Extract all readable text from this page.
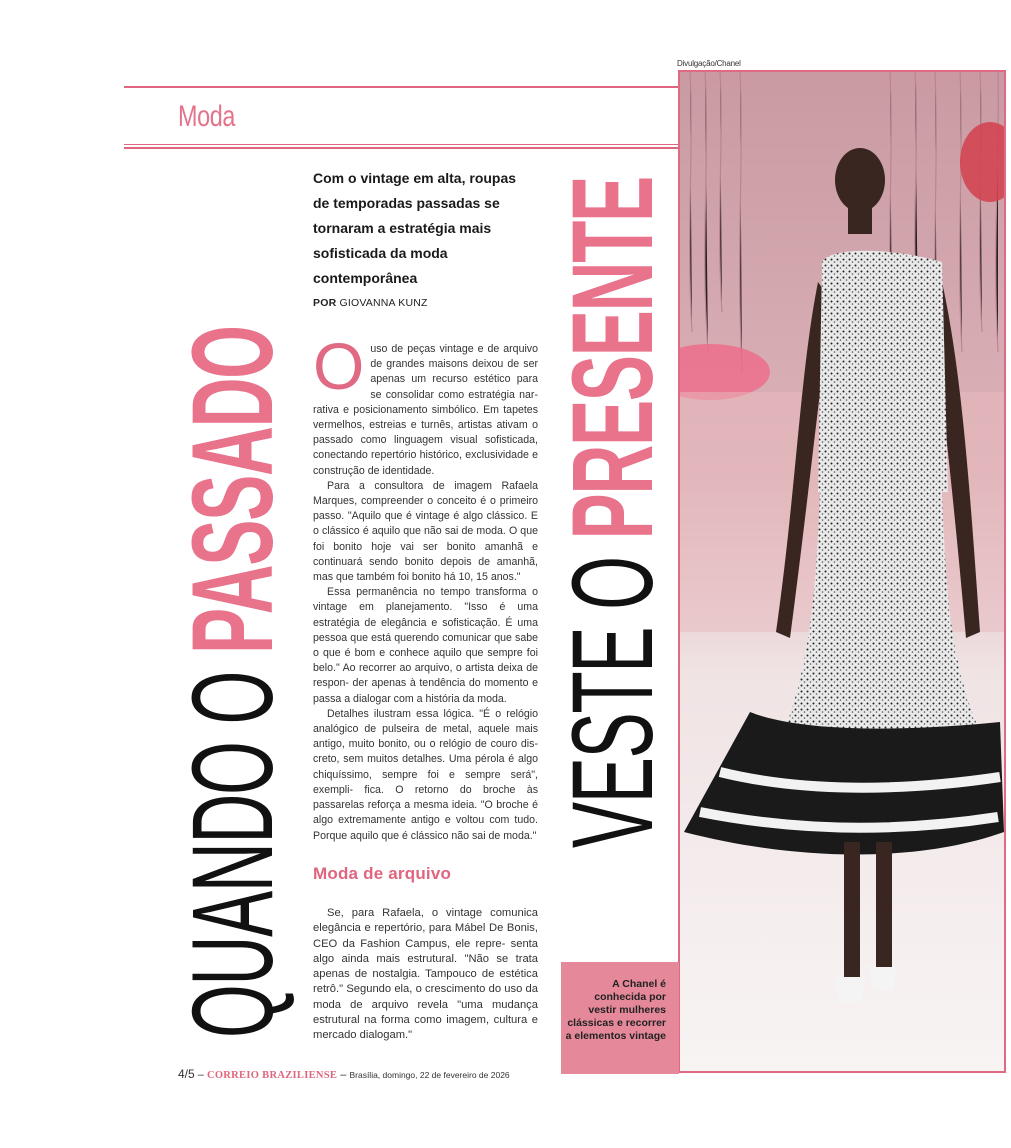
Divulgação/Chanel
Moda
QUANDO O PASSADO
VESTE O PRESENTE
Com o vintage em alta, roupas de temporadas passadas se tornaram a estratégia mais sofisticada da moda contemporânea
POR GIOVANNA KUNZ

Ouso de peças vintage e de arquivo de grandes maisons deixou de ser apenas um recurso estético para se consolidar como estratégia nar- rativa e posicionamento simbólico. Em tapetes vermelhos, estreias e turnês, artistas ativam o passado como linguagem visual sofisticada, conectando repertório histórico, exclusividade e construção de identidade.

Para a consultora de imagem Rafaela Marques, compreender o conceito é o primeiro passo. "Aquilo que é vintage é algo clássico. E o clássico é aquilo que não sai de moda. O que foi bonito hoje vai ser bonito amanhã e continuará sendo bonito depois de amanhã, mas que também foi bonito há 10, 15 anos."

Essa permanência no tempo transforma o vintage em planejamento. "Isso é uma estratégia de elegância e sofisticação. É uma pessoa que está querendo comunicar que sabe o que é bom e conhece aquilo que sempre foi belo." Ao recorrer ao arquivo, o artista deixa de respon- der apenas à tendência do momento e passa a dialogar com a história da moda.

Detalhes ilustram essa lógica. "É o relógio analógico de pulseira de metal, aquele mais antigo, muito bonito, ou o relógio de couro dis- creto, sem muitos detalhes. Uma pérola é algo chiquíssimo, sempre foi e sempre será", exempli- fica. O retorno do broche às passarelas reforça a mesma ideia. "O broche é algo extremamente antigo e voltou com tudo. Porque aquilo que é clássico não sai de moda."

Moda de arquivo

Se, para Rafaela, o vintage comunica elegância e repertório, para Mábel De Bonis, CEO da Fashion Campus, ele repre- senta algo ainda mais estrutural. "Não se trata apenas de nostalgia. Tampouco de estética retrô." Segundo ela, o crescimento do uso da moda de arquivo revela "uma mudança estrutural na forma como imagem, cultura e mercado dialogam."

A Chanel é conhecida por vestir mulheres clássicas e recorrer a elementos vintage
4/5 – CORREIO BRAZILIENSE – Brasília, domingo, 22 de fevereiro de 2026
